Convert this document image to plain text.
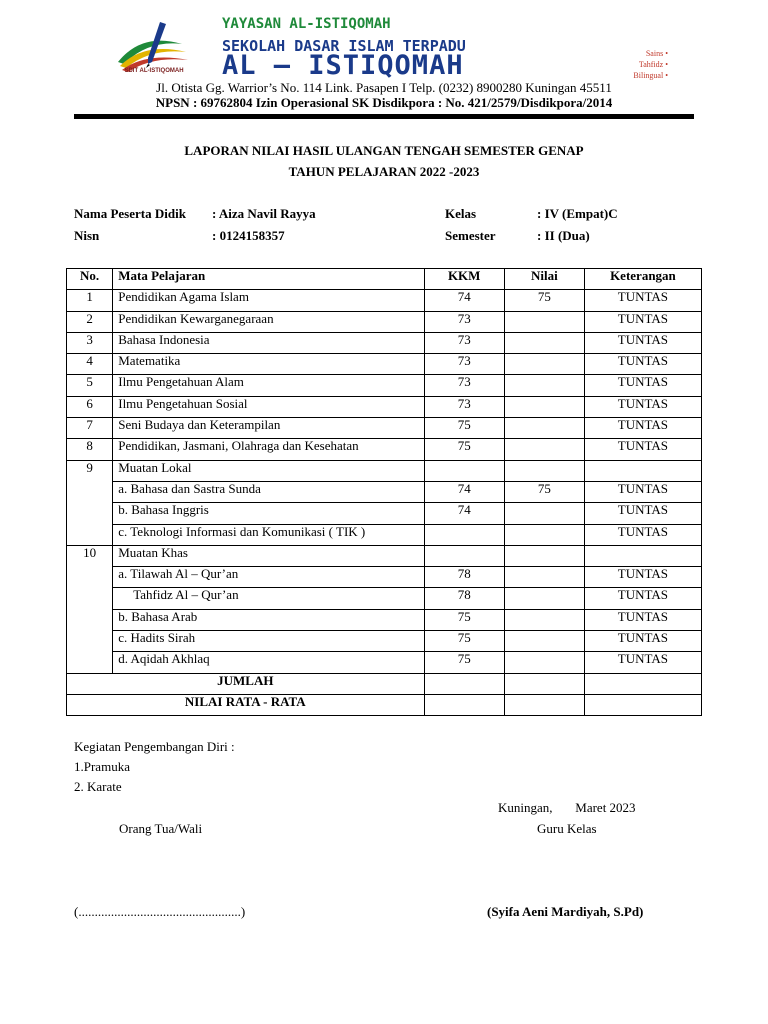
SDIT AL-ISTIQOMAH
YAYASAN AL-ISTIQOMAH
SEKOLAH DASAR ISLAM TERPADU
AL – ISTIQOMAH	Sains •
Tahfidz •
Bilingual •
Jl. Otista Gg. Warrior’s No. 114 Link. Pasapen I Telp. (0232) 8900280 Kuningan 45511
NPSN : 69762804 Izin Operasional SK Disdikpora : No. 421/2579/Disdikpora/2014
LAPORAN NILAI HASIL ULANGAN TENGAH SEMESTER GENAP
TAHUN PELAJARAN 2022 -2023
Nama Peserta Didik : Aiza Navil Rayya
Nisn	: 0124158357
Kelas	: IV (Empat)C
Semester	: II (Dua)
No.	Mata Pelajaran	KKM	Nilai	Keterangan
1	Pendidikan Agama Islam	74	75	TUNTAS
2	Pendidikan Kewarganegaraan	73		TUNTAS
3	Bahasa Indonesia	73		TUNTAS
4	Matematika	73		TUNTAS
5	Ilmu Pengetahuan Alam	73		TUNTAS
6	Ilmu Pengetahuan Sosial	73		TUNTAS
7	Seni Budaya dan Keterampilan	75		TUNTAS
8	Pendidikan, Jasmani, Olahraga dan Kesehatan	75		TUNTAS
9	Muatan Lokal			
	a. Bahasa dan Sastra Sunda	74	75	TUNTAS
	b. Bahasa Inggris	74		TUNTAS
	c. Teknologi Informasi dan Komunikasi ( TIK )			TUNTAS
10	Muatan Khas			
	a. Tilawah Al – Qur’an	78		TUNTAS
	Tahfidz Al – Qur’an	78		TUNTAS
	b. Bahasa Arab	75		TUNTAS
	c. Hadits Sirah	75		TUNTAS
	d. Aqidah Akhlaq	75		TUNTAS
JUMLAH				
NILAI RATA - RATA				
Kegiatan Pengembangan Diri :
1.Pramuka
2. Karate
Kuningan,       Maret 2023
Orang Tua/Wali	Guru Kelas
(..................................................)	(Syifa Aeni Mardiyah, S.Pd)
